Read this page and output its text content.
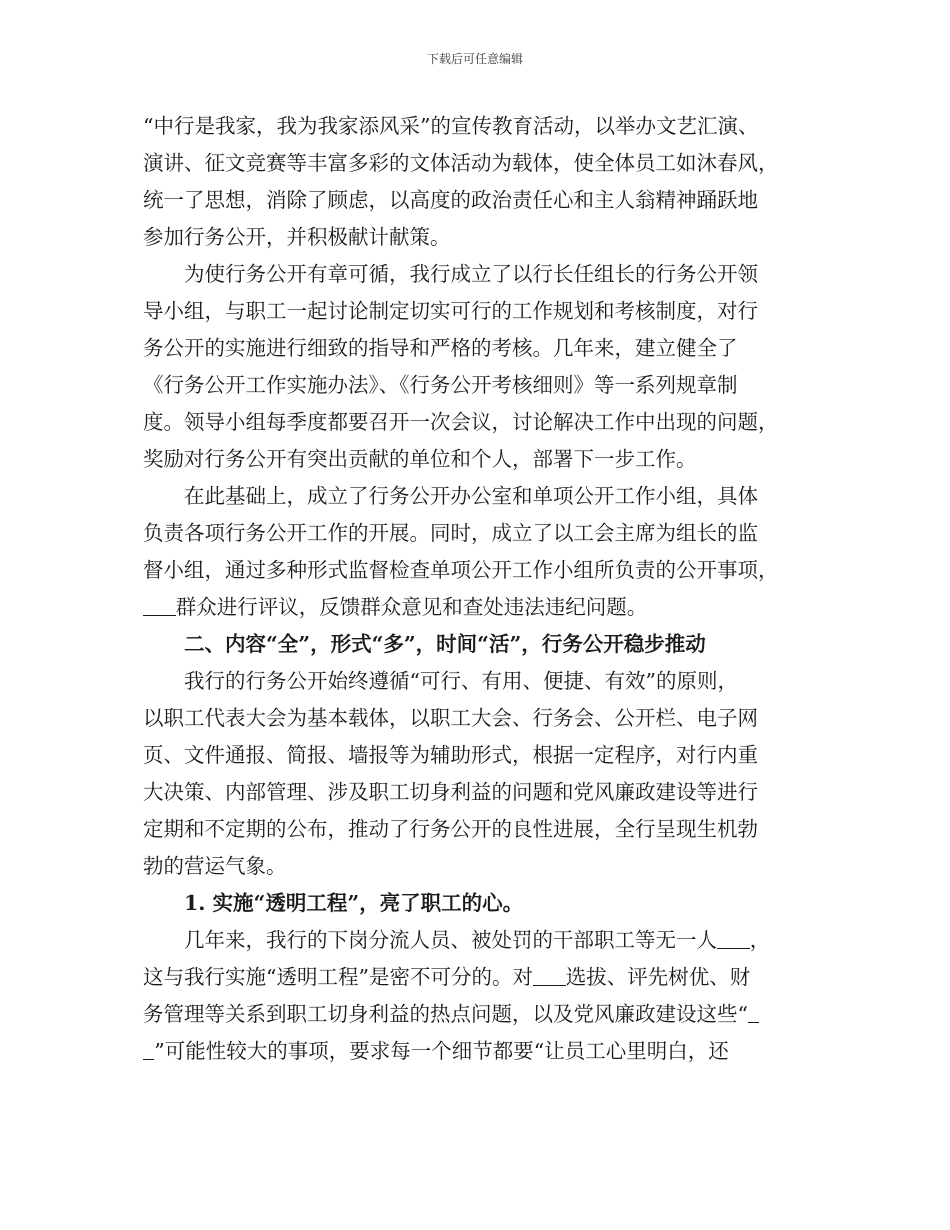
下载后可任意编辑

“中行是我家，我为我家添风采”的宣传教育活动，以举办文艺汇演、
演讲、征文竞赛等丰富多彩的文体活动为载体，使全体员工如沐春风，
统一了思想，消除了顾虑，以高度的政治责任心和主人翁精神踊跃地
参加行务公开，并积极献计献策。

为使行务公开有章可循，我行成立了以行长任组长的行务公开领
导小组，与职工一起讨论制定切实可行的工作规划和考核制度，对行
务公开的实施进行细致的指导和严格的考核。几年来，建立健全了
《行务公开工作实施办法》、《行务公开考核细则》等一系列规章制
度。领导小组每季度都要召开一次会议，讨论解决工作中出现的问题，
奖励对行务公开有突出贡献的单位和个人，部署下一步工作。

在此基础上，成立了行务公开办公室和单项公开工作小组，具体
负责各项行务公开工作的开展。同时，成立了以工会主席为组长的监
督小组，通过多种形式监督检查单项公开工作小组所负责的公开事项，
群众进行评议，反馈群众意见和查处违法违纪问题。

二、内容“全”，形式“多”，时间“活”，行务公开稳步推动

我行的行务公开始终遵循“可行、有用、便捷、有效”的原则，
以职工代表大会为基本载体，以职工大会、行务会、公开栏、电子网
页、文件通报、简报、墙报等为辅助形式，根据一定程序，对行内重
大决策、内部管理、涉及职工切身利益的问题和党风廉政建设等进行
定期和不定期的公布，推动了行务公开的良性进展，全行呈现生机勃
勃的营运气象。

1. 实施“透明工程”，亮了职工的心。

几年来，我行的下岗分流人员、被处罚的干部职工等无一人 ，
这与我行实施“透明工程”是密不可分的。对 选拔、评先树优、财
务管理等关系到职工切身利益的热点问题，以及党风廉政建设这些“
”可能性较大的事项，要求每一个细节都要“让员工心里明白，还
